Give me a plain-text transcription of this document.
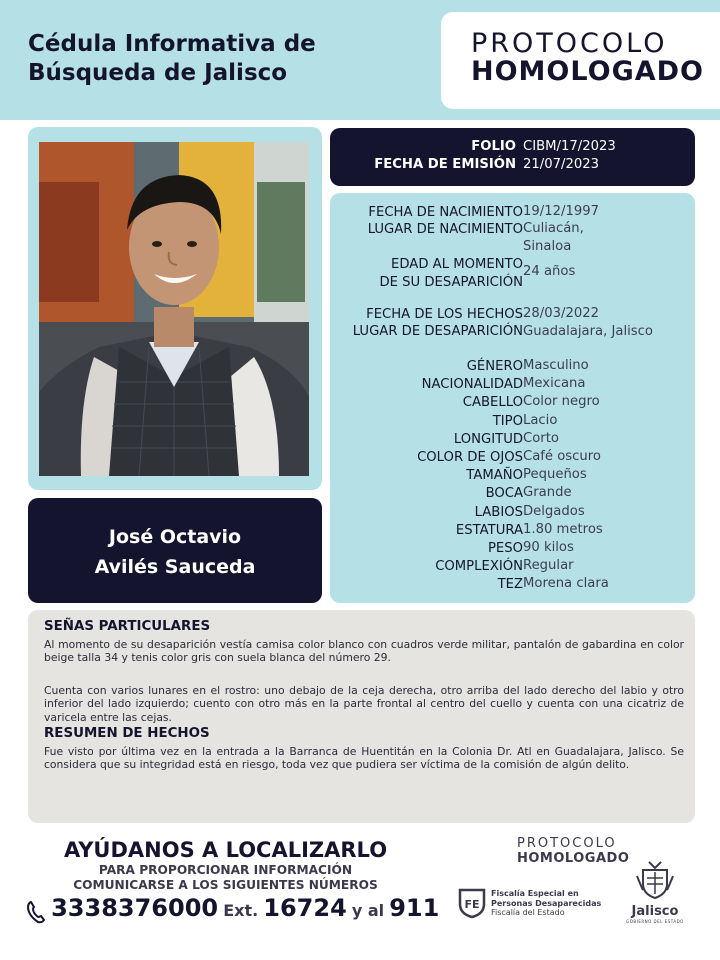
Cédula Informativa de
Búsqueda de Jalisco
PROTOCOLO
HOMOLOGADO
José Octavio
Avilés Sauceda
FOLIO CIBM/17/2023
FECHA DE EMISIÓN 21/07/2023
FECHA DE NACIMIENTO 19/12/1997
LUGAR DE NACIMIENTO Culiacán,
Sinaloa
EDAD AL MOMENTO
DE SU DESAPARICIÓN
24 años
FECHA DE LOS HECHOS 28/03/2022
LUGAR DE DESAPARICIÓN Guadalajara, Jalisco
GÉNERO Masculino
NACIONALIDAD Mexicana
CABELLO Color negro
TIPO Lacio
LONGITUD Corto
COLOR DE OJOS Café oscuro
TAMAÑO Pequeños
BOCA Grande
LABIOS Delgados
ESTATURA 1.80 metros
PESO 90 kilos
COMPLEXIÓN Regular
TEZ Morena clara
SEÑAS PARTICULARES
Al momento de su desaparición vestía camisa color blanco con cuadros verde militar, pantalón de gabardina en color beige talla 34 y tenis color gris con suela blanca del número 29.
Cuenta con varios lunares en el rostro: uno debajo de la ceja derecha, otro arriba del lado derecho del labio y otro inferior del lado izquierdo; cuento con otro más en la parte frontal al centro del cuello y cuenta con una cicatriz de varicela entre las cejas.
RESUMEN DE HECHOS
Fue visto por última vez en la entrada a la Barranca de Huentitán en la Colonia Dr. Atl en Guadalajara, Jalisco. Se considera que su integridad está en riesgo, toda vez que pudiera ser víctima de la comisión de algún delito.
AYÚDANOS A LOCALIZARLO
PARA PROPORCIONAR INFORMACIÓN
COMUNICARSE A LOS SIGUIENTES NÚMEROS
3338376000 Ext. 16724 y al 911
PROTOCOLO
HOMOLOGADO
FE
Fiscalía Especial en
Personas Desaparecidas
Fiscalía del Estado	Jalisco
GOBIERNO DEL ESTADO
